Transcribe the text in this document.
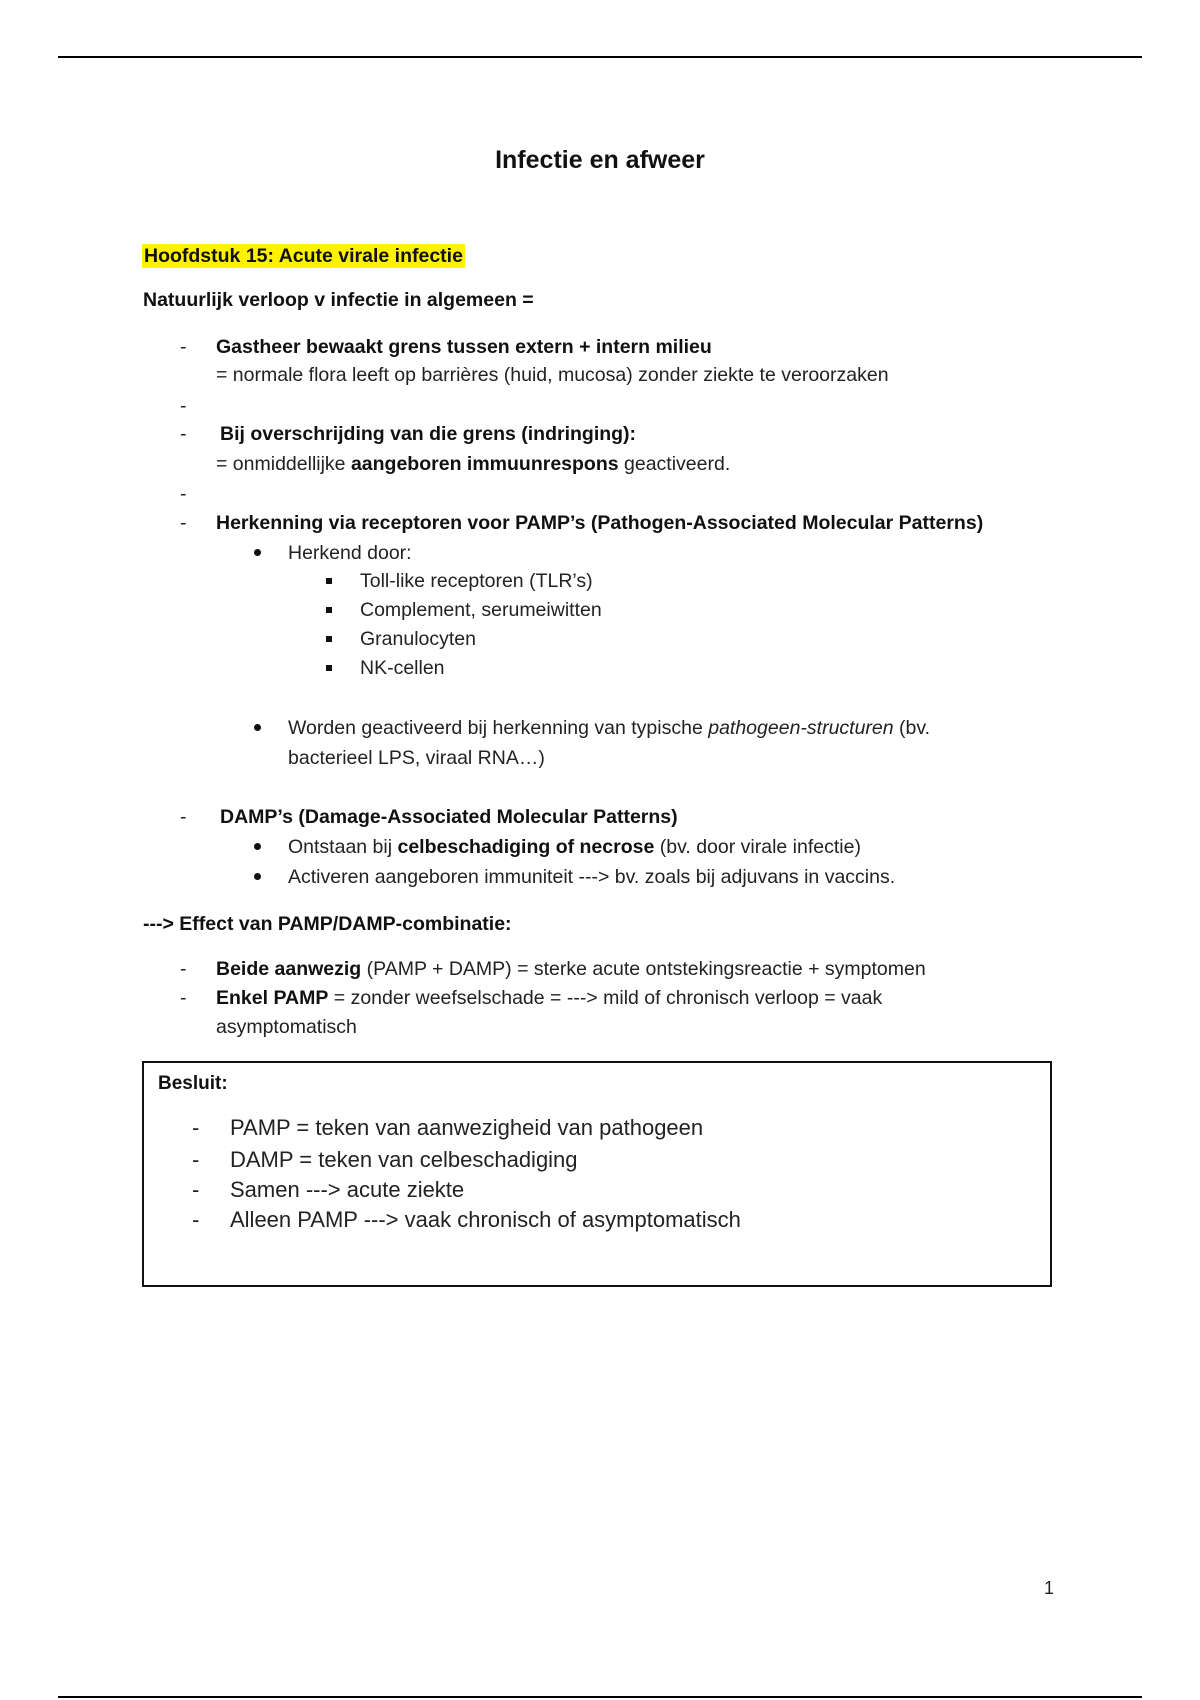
Infectie en afweer
Hoofdstuk 15: Acute virale infectie
Natuurlijk verloop v infectie in algemeen =
- Gastheer bewaakt grens tussen extern + intern milieu
= normale flora leeft op barrières (huid, mucosa) zonder ziekte te veroorzaken
-
- Bij overschrijding van die grens (indringing):
= onmiddellijke aangeboren immuunrespons geactiveerd.
-
- Herkenning via receptoren voor PAMP’s (Pathogen-Associated Molecular Patterns)
Herkend door:
Toll-like receptoren (TLR’s)
Complement, serumeiwitten
Granulocyten
NK-cellen
Worden geactiveerd bij herkenning van typische pathogeen-structuren (bv.
bacterieel LPS, viraal RNA…)
- DAMP’s (Damage-Associated Molecular Patterns)
Ontstaan bij celbeschadiging of necrose (bv. door virale infectie)
Activeren aangeboren immuniteit ---> bv. zoals bij adjuvans in vaccins.
---> Effect van PAMP/DAMP-combinatie:
- Beide aanwezig (PAMP + DAMP) = sterke acute ontstekingsreactie + symptomen
- Enkel PAMP = zonder weefselschade = ---> mild of chronisch verloop = vaak
asymptomatisch
Besluit:
- PAMP = teken van aanwezigheid van pathogeen
- DAMP = teken van celbeschadiging
- Samen ---> acute ziekte
- Alleen PAMP ---> vaak chronisch of asymptomatisch
1
